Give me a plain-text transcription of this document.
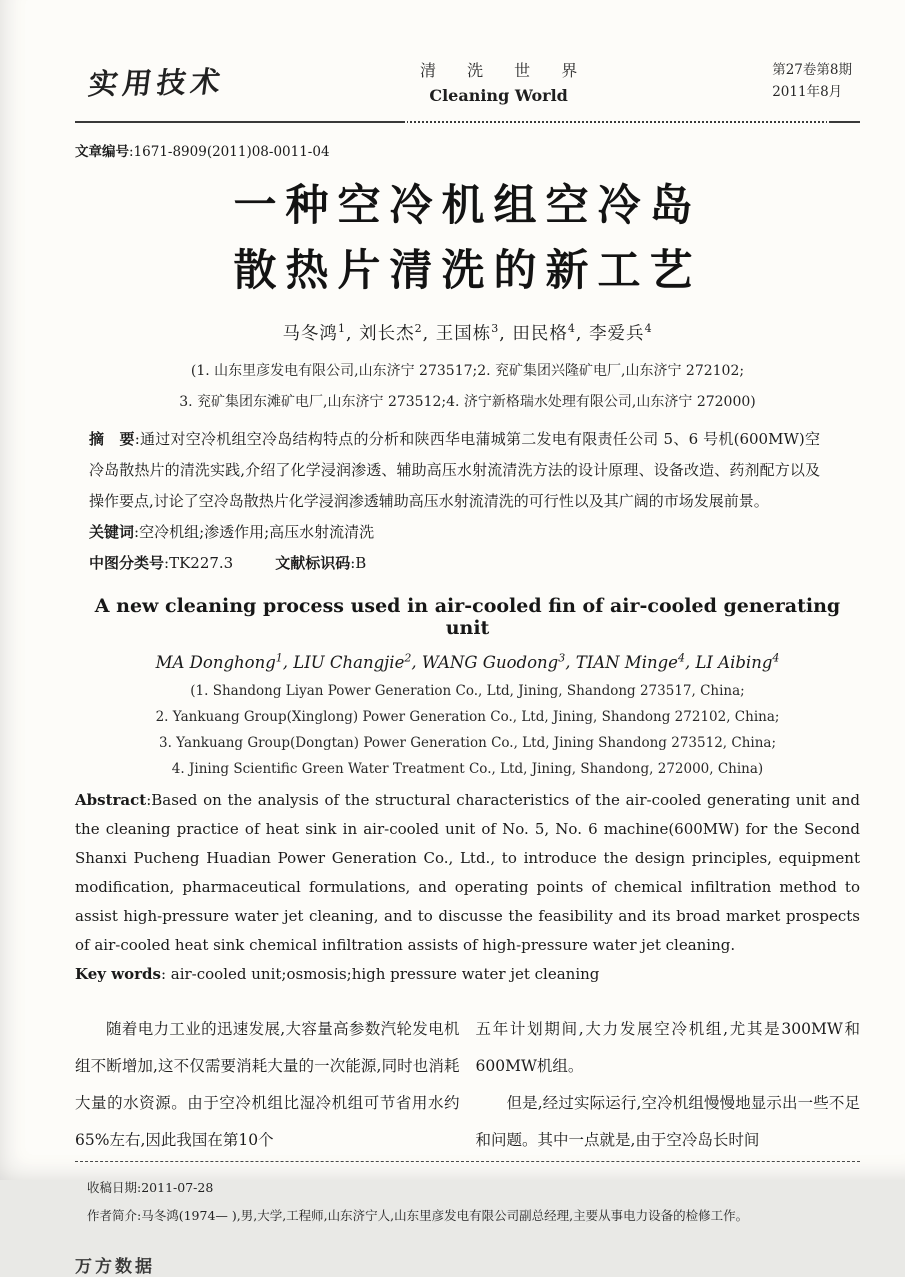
实用技术	清 洗 世 界
Cleaning World
第27卷第8期
2011年8月
文章编号:1671-8909(2011)08-0011-04
一种空冷机组空冷岛
散热片清洗的新工艺
马冬鸿$^1$, 刘长杰$^2$, 王国栋$^3$, 田民格$^4$, 李爱兵$^4$
(1. 山东里彦发电有限公司,山东济宁 273517;2. 兖矿集团兴隆矿电厂,山东济宁 272102;
3. 兖矿集团东滩矿电厂,山东济宁 273512;4. 济宁新格瑞水处理有限公司,山东济宁 272000)
摘　要:通过对空冷机组空冷岛结构特点的分析和陕西华电蒲城第二发电有限责任公司 5、6 号机(600MW)空冷岛散热片的清洗实践,介绍了化学浸润渗透、辅助高压水射流清洗方法的设计原理、设备改造、药剂配方以及操作要点,讨论了空冷岛散热片化学浸润渗透辅助高压水射流清洗的可行性以及其广阔的市场发展前景。
关键词:空冷机组;渗透作用;高压水射流清洗
中图分类号:TK227.3	文献标识码:B
A new cleaning process used in air-cooled fin of air-cooled generating unit
MA Donghong$^1$, LIU Changjie$^2$, WANG Guodong$^3$, TIAN Minge$^4$, LI Aibing$^4$
(1. Shandong Liyan Power Generation Co., Ltd, Jining, Shandong 273517, China;
2. Yankuang Group(Xinglong) Power Generation Co., Ltd, Jining, Shandong 272102, China;
3. Yankuang Group(Dongtan) Power Generation Co., Ltd, Jining Shandong 273512, China;
4. Jining Scientific Green Water Treatment Co., Ltd, Jining, Shandong, 272000, China)
Abstract:Based on the analysis of the structural characteristics of the air-cooled generating unit and the cleaning practice of heat sink in air-cooled unit of No. 5, No. 6 machine(600MW) for the Second Shanxi Pucheng Huadian Power Generation Co., Ltd., to introduce the design principles, equipment modification, pharmaceutical formulations, and operating points of chemical infiltration method to assist high-pressure water jet cleaning, and to discusse the feasibility and its broad market prospects of air-cooled heat sink chemical infiltration assists of high-pressure water jet cleaning.
Key words: air-cooled unit;osmosis;high pressure water jet cleaning

随着电力工业的迅速发展,大容量高参数汽轮发电机组不断增加,这不仅需要消耗大量的一次能源,同时也消耗大量的水资源。由于空冷机组比湿冷机组可节省用水约65%左右,因此我国在第10个

五年计划期间,大力发展空冷机组,尤其是300MW和600MW机组。

但是,经过实际运行,空冷机组慢慢地显示出一些不足和问题。其中一点就是,由于空冷岛长时间

收稿日期:2011-07-28
作者简介:马冬鸿(1974— ),男,大学,工程师,山东济宁人,山东里彦发电有限公司副总经理,主要从事电力设备的检修工作。
万方数据
